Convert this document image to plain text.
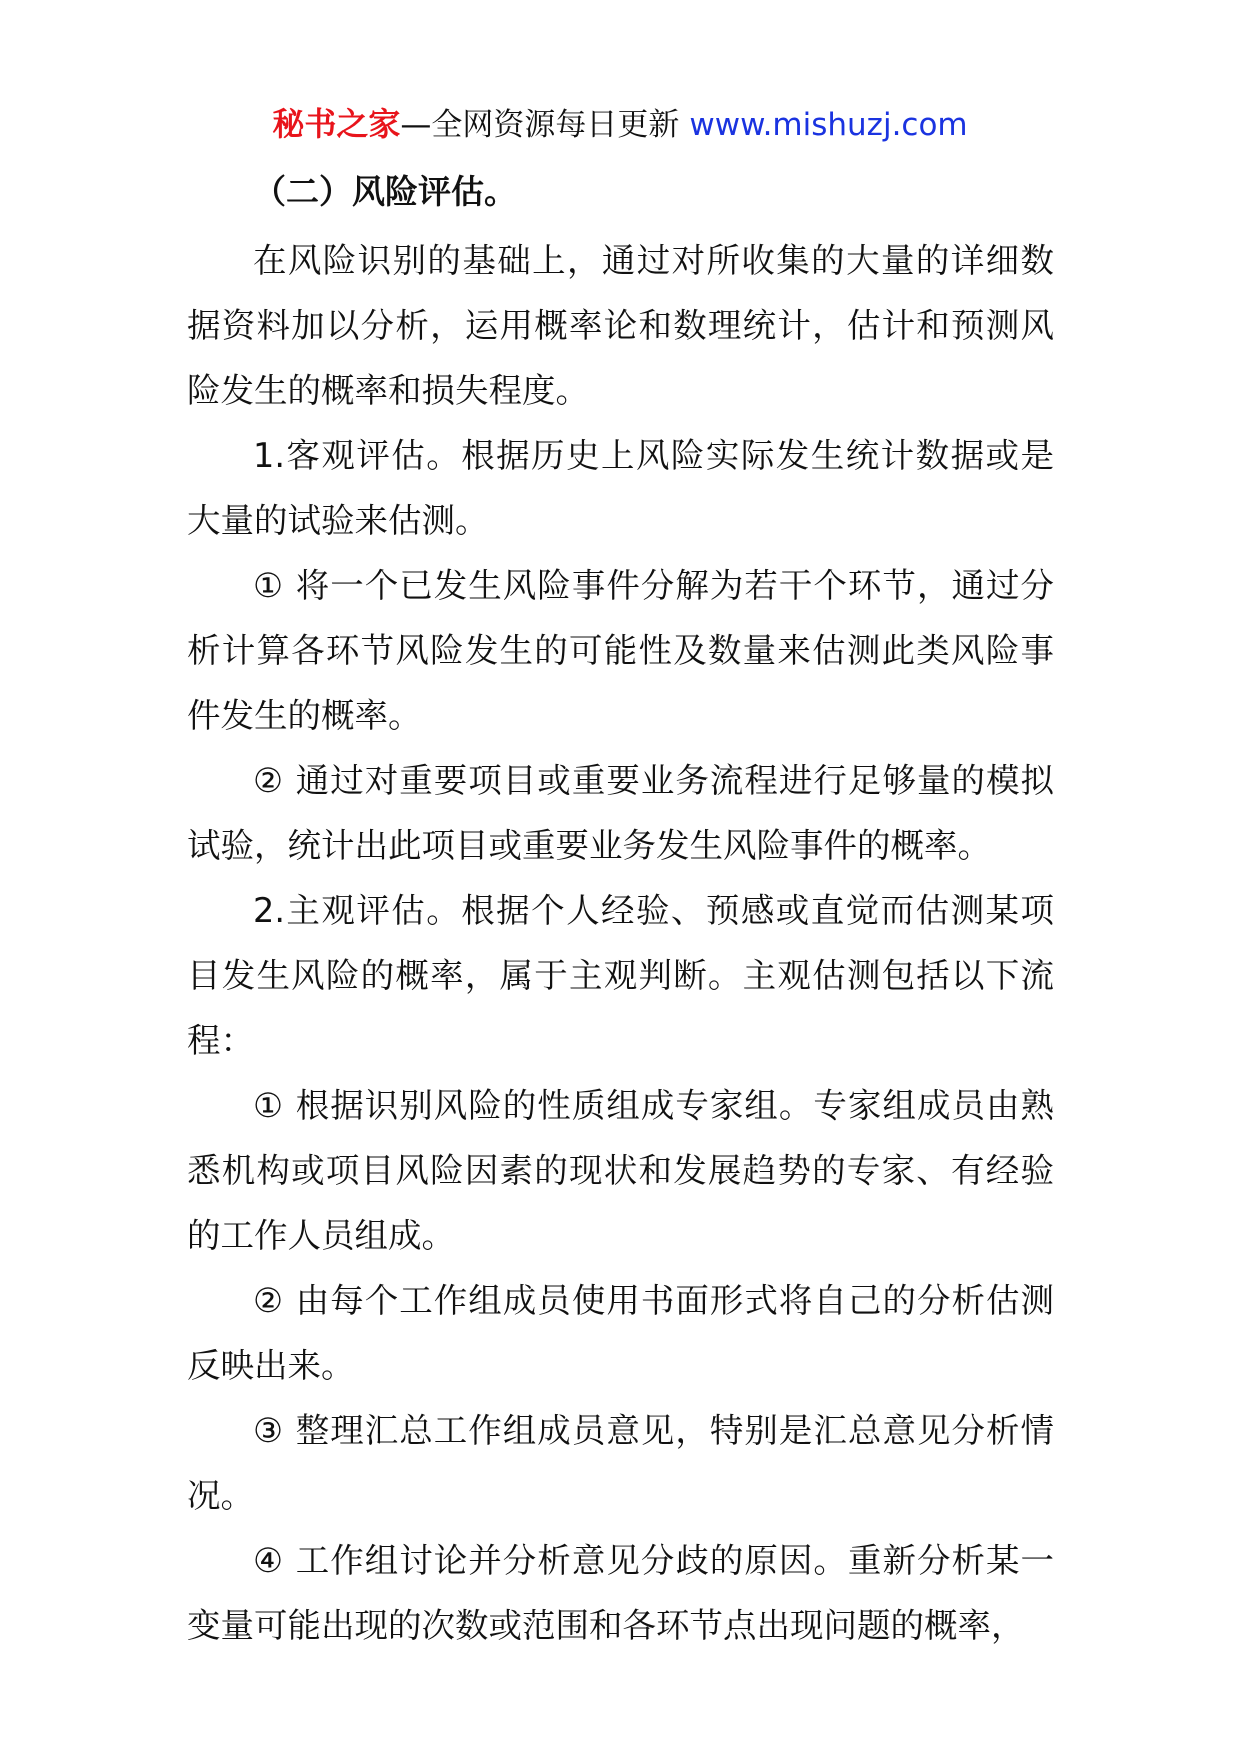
秘书之家—全网资源每日更新 www.mishuzj.com

（二）风险评估。

在风险识别的基础上，通过对所收集的大量的详细数据资料加以分析，运用概率论和数理统计，估计和预测风险发生的概率和损失程度。

1.客观评估。根据历史上风险实际发生统计数据或是大量的试验来估测。

① 将一个已发生风险事件分解为若干个环节，通过分析计算各环节风险发生的可能性及数量来估测此类风险事件发生的概率。

② 通过对重要项目或重要业务流程进行足够量的模拟试验，统计出此项目或重要业务发生风险事件的概率。

2.主观评估。根据个人经验、预感或直觉而估测某项目发生风险的概率，属于主观判断。主观估测包括以下流程：

① 根据识别风险的性质组成专家组。专家组成员由熟悉机构或项目风险因素的现状和发展趋势的专家、有经验的工作人员组成。

② 由每个工作组成员使用书面形式将自己的分析估测反映出来。

③ 整理汇总工作组成员意见，特别是汇总意见分析情况。

④ 工作组讨论并分析意见分歧的原因。重新分析某一变量可能出现的次数或范围和各环节点出现问题的概率，
